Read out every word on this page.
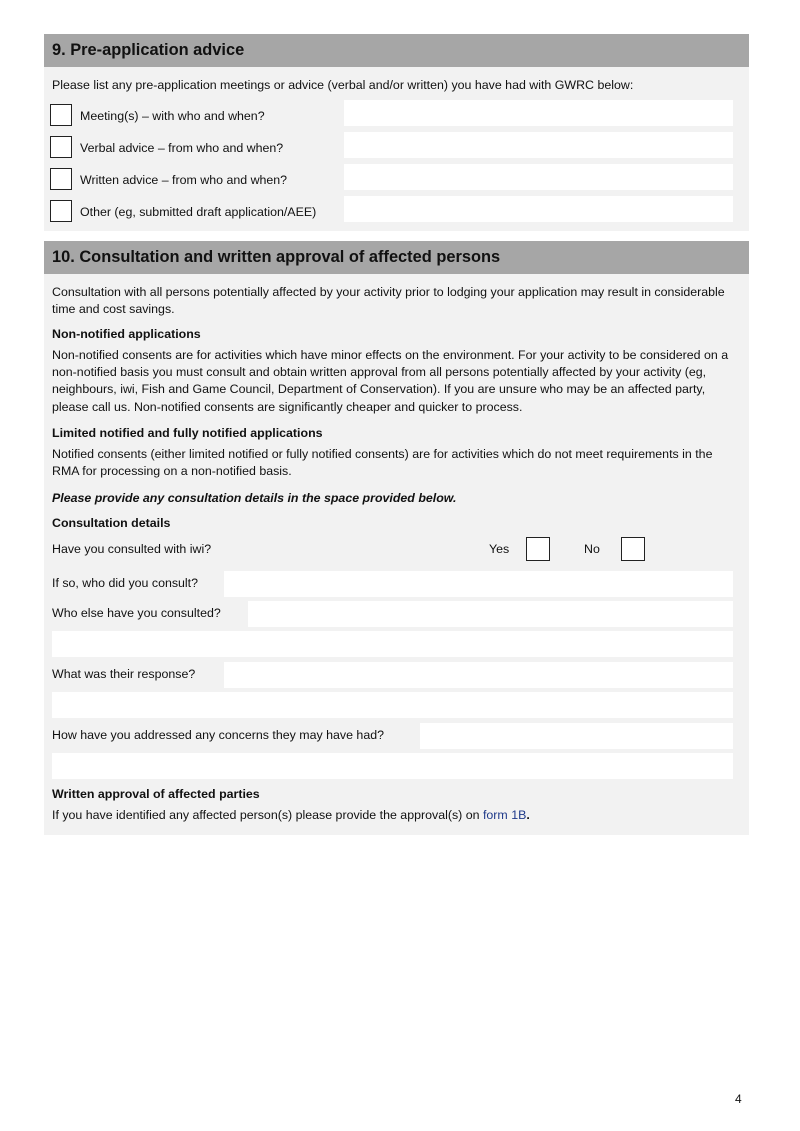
9. Pre-application advice
Please list any pre-application meetings or advice (verbal and/or written) you have had with GWRC below:
Meeting(s) – with who and when?
Verbal advice – from who and when?
Written advice – from who and when?
Other (eg, submitted draft application/AEE)
10. Consultation and written approval of affected persons
Consultation with all persons potentially affected by your activity prior to lodging your application may result in considerable time and cost savings.
Non-notified applications
Non-notified consents are for activities which have minor effects on the environment. For your activity to be considered on a non-notified basis you must consult and obtain written approval from all persons potentially affected by your activity (eg, neighbours, iwi, Fish and Game Council, Department of Conservation). If you are unsure who may be an affected party, please call us. Non-notified consents are significantly cheaper and quicker to process.
Limited notified and fully notified applications
Notified consents (either limited notified or fully notified consents) are for activities which do not meet requirements in the RMA for processing on a non-notified basis.
Please provide any consultation details in the space provided below.
Consultation details
Have you consulted with iwi?	Yes	No
If so, who did you consult?
Who else have you consulted?
What was their response?
How have you addressed any concerns they may have had?
Written approval of affected parties
If you have identified any affected person(s) please provide the approval(s) on form 1B.
4
